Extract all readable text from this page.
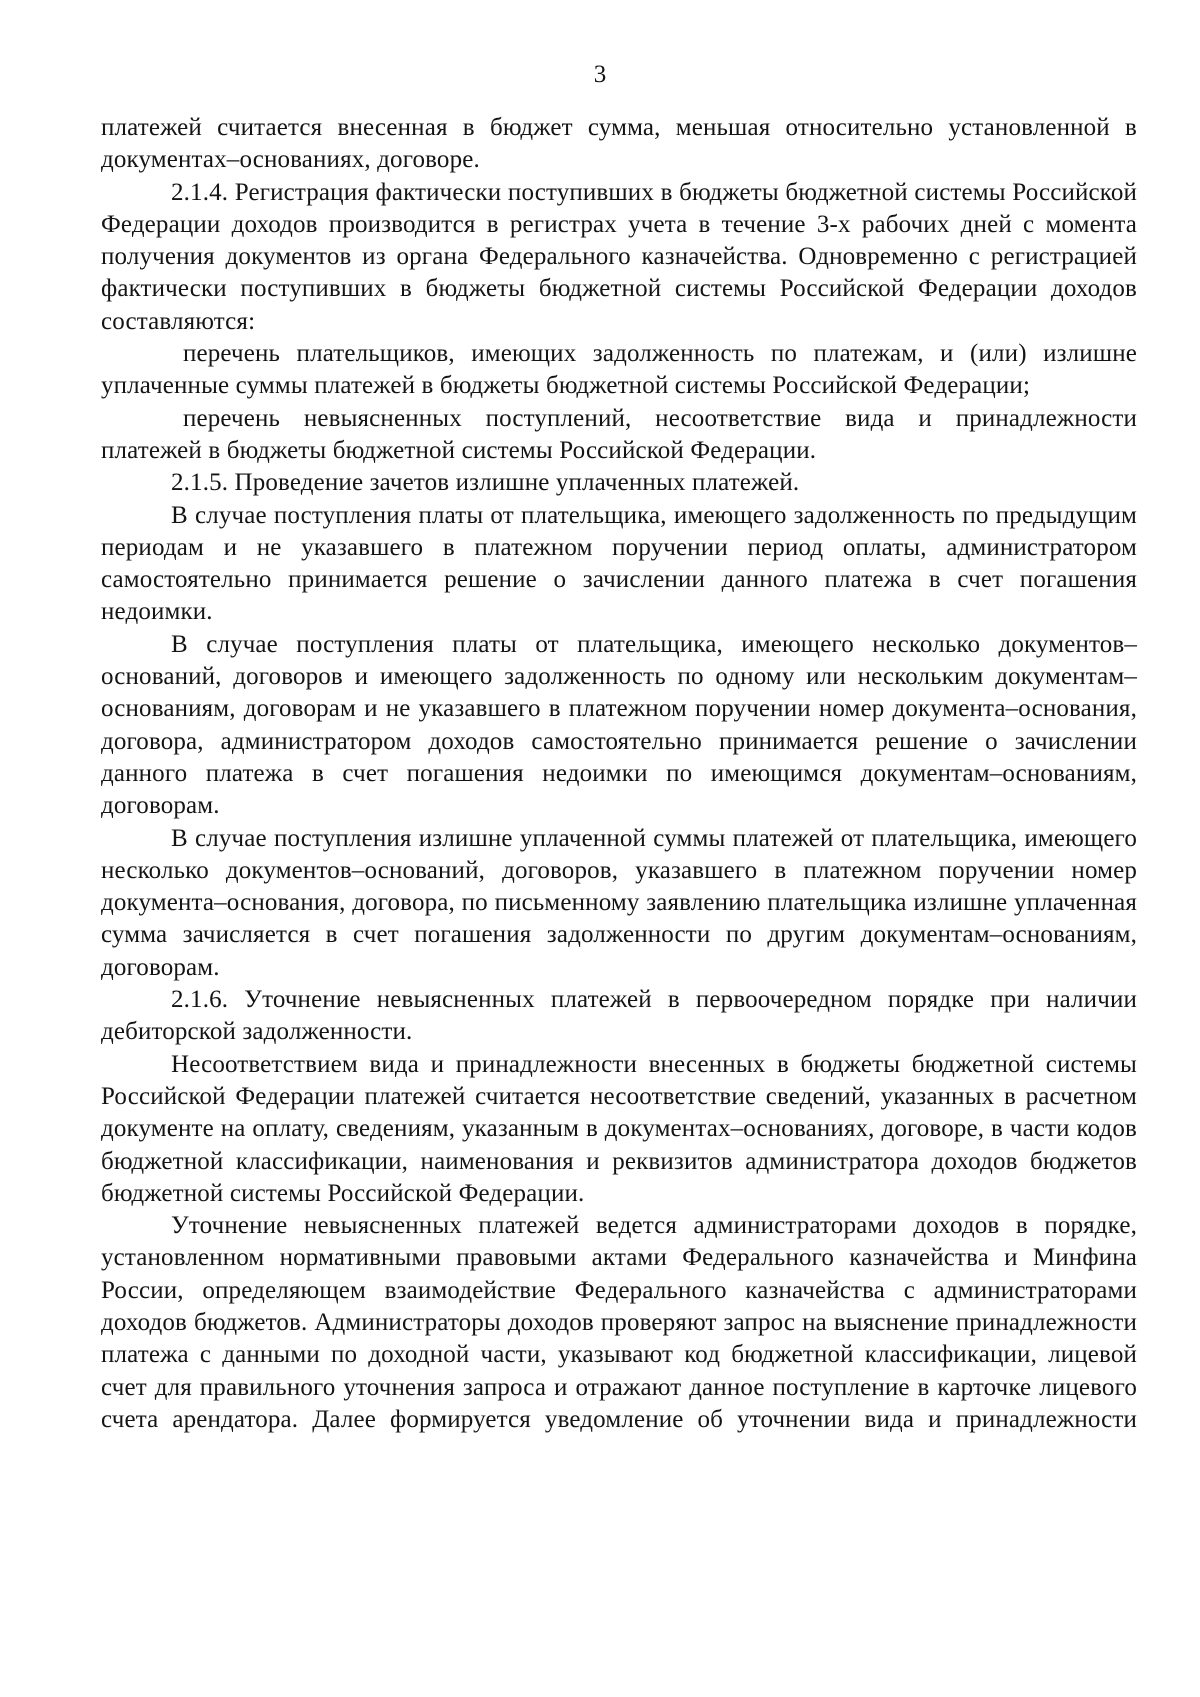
3

платежей считается внесенная в бюджет сумма, меньшая относительно установленной в документах–основаниях, договоре.

2.1.4. Регистрация фактически поступивших в бюджеты бюджетной системы Российской Федерации доходов производится в регистрах учета в течение 3-х рабочих дней с момента получения документов из органа Федерального казначейства. Одновременно с регистрацией фактически поступивших в бюджеты бюджетной системы Российской Федерации доходов составляются:

перечень плательщиков, имеющих задолженность по платежам, и (или) излишне уплаченные суммы платежей в бюджеты бюджетной системы Российской Федерации;

перечень невыясненных поступлений, несоответствие вида и принадлежности платежей в бюджеты бюджетной системы Российской Федерации.

2.1.5. Проведение зачетов излишне уплаченных платежей.

В случае поступления платы от плательщика, имеющего задолженность по предыдущим периодам и не указавшего в платежном поручении период оплаты, администратором самостоятельно принимается решение о зачислении данного платежа в счет погашения недоимки.

В случае поступления платы от плательщика, имеющего несколько документов–оснований, договоров и имеющего задолженность по одному или нескольким документам–основаниям, договорам и не указавшего в платежном поручении номер документа–основания, договора, администратором доходов самостоятельно принимается решение о зачислении данного платежа в счет погашения недоимки по имеющимся документам–основаниям, договорам.

В случае поступления излишне уплаченной суммы платежей от плательщика, имеющего несколько документов–оснований, договоров, указавшего в платежном поручении номер документа–основания, договора, по письменному заявлению плательщика излишне уплаченная сумма зачисляется в счет погашения задолженности по другим документам–основаниям, договорам.

2.1.6. Уточнение невыясненных платежей в первоочередном порядке при наличии дебиторской задолженности.

Несоответствием вида и принадлежности внесенных в бюджеты бюджетной системы Российской Федерации платежей считается несоответствие сведений, указанных в расчетном документе на оплату, сведениям, указанным в документах–основаниях, договоре, в части кодов бюджетной классификации, наименования и реквизитов администратора доходов бюджетов бюджетной системы Российской Федерации.

Уточнение невыясненных платежей ведется администраторами доходов в порядке, установленном нормативными правовыми актами Федерального казначейства и Минфина России, определяющем взаимодействие Федерального казначейства с администраторами доходов бюджетов. Администраторы доходов проверяют запрос на выяснение принадлежности платежа с данными по доходной части, указывают код бюджетной классификации, лицевой счет для правильного уточнения запроса и отражают данное поступление в карточке лицевого счета арендатора. Далее формируется уведомление об уточнении вида и принадлежности
